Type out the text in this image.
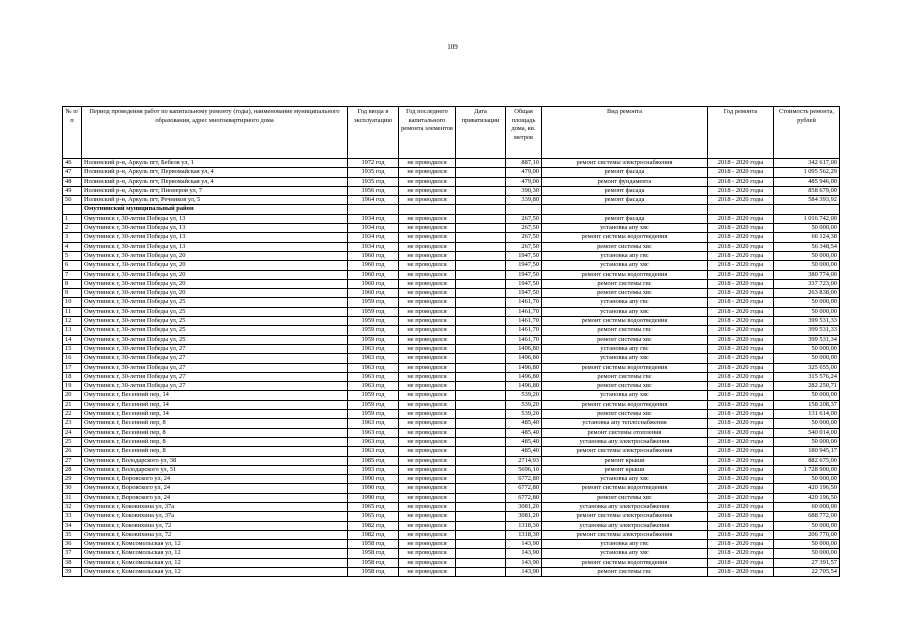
109
№ п/п	Период проведения работ по капитальному ремонту (годы), наименование муниципального образования, адрес многоквартирного дома	Год ввода в эксплуатацию	Год последнего капитального ремонта элементов	Дата приватизации	Общая площадь дома, кв. метров	Вид ремонта	Год ремонта	Стоимость ремонта, рублей
46	Нолинский р-н, Аркуль пгт, Бебеля ул, 1	1972 год	не проводился		887,10	ремонт системы электроснабжения	2018 - 2020 годы	342 617,00
47	Нолинский р-н, Аркуль пгт, Первомайская ул, 4	1935 год	не проводился		479,00	ремонт фасада	2018 - 2020 годы	1 095 562,29
48	Нолинский р-н, Аркуль пгт, Первомайская ул, 4	1935 год	не проводился		479,00	ремонт фундамента	2018 - 2020 годы	485 946,00
49	Нолинский р-н, Аркуль пгт, Пионеров ул, 7	1956 год	не проводился		390,30	ремонт фасада	2018 - 2020 годы	858 679,00
50	Нолинский р-н, Аркуль пгт, Речников ул, 5	1964 год	не проводился		339,80	ремонт фасада	2018 - 2020 годы	584 393,92
	Омутнинский муниципальный район							
1	Омутнинск г, 30-летия Победы ул, 13	1934 год	не проводился		267,50	ремонт фасада	2018 - 2020 годы	1 016 742,00
2	Омутнинск г, 30-летия Победы ул, 13	1934 год	не проводился		267,50	установка апу хвс	2018 - 2020 годы	50 000,00
3	Омутнинск г, 30-летия Победы ул, 13	1934 год	не проводился		267,50	ремонт системы водоотведения	2018 - 2020 годы	66 124,38
4	Омутнинск г, 30-летия Победы ул, 13	1934 год	не проводился		267,50	ремонт системы хвс	2018 - 2020 годы	56 348,54
5	Омутнинск г, 30-летия Победы ул, 20	1960 год	не проводился		1947,50	установка апу гвс	2018 - 2020 годы	50 000,00
6	Омутнинск г, 30-летия Победы ул, 20	1960 год	не проводился		1947,50	установка апу хвс	2018 - 2020 годы	50 000,00
7	Омутнинск г, 30-летия Победы ул, 20	1960 год	не проводился		1947,50	ремонт системы водоотведения	2018 - 2020 годы	380 774,00
8	Омутнинск г, 30-летия Победы ул, 20	1960 год	не проводился		1947,50	ремонт системы гвс	2018 - 2020 годы	337 723,00
9	Омутнинск г, 30-летия Победы ул, 20	1960 год	не проводился		1947,50	ремонт системы хвс	2018 - 2020 годы	263 838,00
10	Омутнинск г, 30-летия Победы ул, 25	1959 год	не проводился		1461,70	установка апу гвс	2018 - 2020 годы	50 000,00
11	Омутнинск г, 30-летия Победы ул, 25	1959 год	не проводился		1461,70	установка апу хвс	2018 - 2020 годы	50 000,00
12	Омутнинск г, 30-летия Победы ул, 25	1959 год	не проводился		1461,70	ремонт системы водоотведения	2018 - 2020 годы	399 531,33
13	Омутнинск г, 30-летия Победы ул, 25	1959 год	не проводился		1461,70	ремонт системы гвс	2018 - 2020 годы	399 531,33
14	Омутнинск г, 30-летия Победы ул, 25	1959 год	не проводился		1461,70	ремонт системы хвс	2018 - 2020 годы	399 531,34
15	Омутнинск г, 30-летия Победы ул, 27	1963 год	не проводился		1496,80	установка апу гвс	2018 - 2020 годы	50 000,00
16	Омутнинск г, 30-летия Победы ул, 27	1963 год	не проводился		1496,80	установка апу хвс	2018 - 2020 годы	50 000,00
17	Омутнинск г, 30-летия Победы ул, 27	1963 год	не проводился		1496,80	ремонт системы водоотведения	2018 - 2020 годы	325 655,00
18	Омутнинск г, 30-летия Победы ул, 27	1963 год	не проводился		1496,80	ремонт системы гвс	2018 - 2020 годы	315 576,24
19	Омутнинск г, 30-летия Победы ул, 27	1963 год	не проводился		1496,80	ремонт системы хвс	2018 - 2020 годы	282 250,71
20	Омутнинск г, Весенний пер, 14	1959 год	не проводился		539,20	установка апу хвс	2018 - 2020 годы	50 000,00
21	Омутнинск г, Весенний пер, 14	1959 год	не проводился		539,20	ремонт системы водоотведения	2018 - 2020 годы	158 208,37
22	Омутнинск г, Весенний пер, 14	1959 год	не проводился		539,20	ремонт системы хвс	2018 - 2020 годы	131 614,00
23	Омутнинск г, Весенний пер, 8	1963 год	не проводился		485,40	установка апу теплоснабжения	2018 - 2020 годы	50 000,00
24	Омутнинск г, Весенний пер, 8	1963 год	не проводился		485,40	ремонт системы отопления	2018 - 2020 годы	540 014,00
25	Омутнинск г, Весенний пер, 8	1963 год	не проводился		485,40	установка апу электроснабжения	2018 - 2020 годы	50 000,00
26	Омутнинск г, Весенний пер, 8	1963 год	не проводился		485,40	ремонт системы электроснабжения	2018 - 2020 годы	180 945,17
27	Омутнинск г, Володарского ул, 38	1985 год	не проводился		2714,93	ремонт крыши	2018 - 2020 годы	882 675,00
28	Омутнинск г, Володарского ул, 51	1993 год	не проводился		5696,10	ремонт крыши	2018 - 2020 годы	1 728 900,00
29	Омутнинск г, Воровского ул, 24	1990 год	не проводился		6772,80	установка апу хвс	2018 - 2020 годы	50 000,00
30	Омутнинск г, Воровского ул, 24	1990 год	не проводился		6772,80	ремонт системы водоотведения	2018 - 2020 годы	420 196,50
31	Омутнинск г, Воровского ул, 24	1990 год	не проводился		6772,80	ремонт системы хвс	2018 - 2020 годы	420 196,50
32	Омутнинск г, Коковихина ул, 37а	1965 год	не проводился		3081,20	установка апу электроснабжения	2018 - 2020 годы	60 000,00
33	Омутнинск г, Коковихина ул, 37а	1965 год	не проводился		3081,20	ремонт системы электроснабжения	2018 - 2020 годы	688 772,00
34	Омутнинск г, Коковихина ул, 72	1982 год	не проводился		1318,30	установка апу электроснабжения	2018 - 2020 годы	50 000,00
35	Омутнинск г, Коковихина ул, 72	1982 год	не проводился		1318,30	ремонт системы электроснабжения	2018 - 2020 годы	206 770,00
36	Омутнинск г, Комсомольская ул, 12	1958 год	не проводился		143,90	установка апу гвс	2018 - 2020 годы	50 000,00
37	Омутнинск г, Комсомольская ул, 12	1958 год	не проводился		143,90	установка апу хвс	2018 - 2020 годы	50 000,00
38	Омутнинск г, Комсомольская ул, 12	1958 год	не проводился		143,90	ремонт системы водоотведения	2018 - 2020 годы	27 391,57
39	Омутнинск г, Комсомольская ул, 12	1958 год	не проводился		143,90	ремонт системы гвс	2018 - 2020 годы	22 705,54
